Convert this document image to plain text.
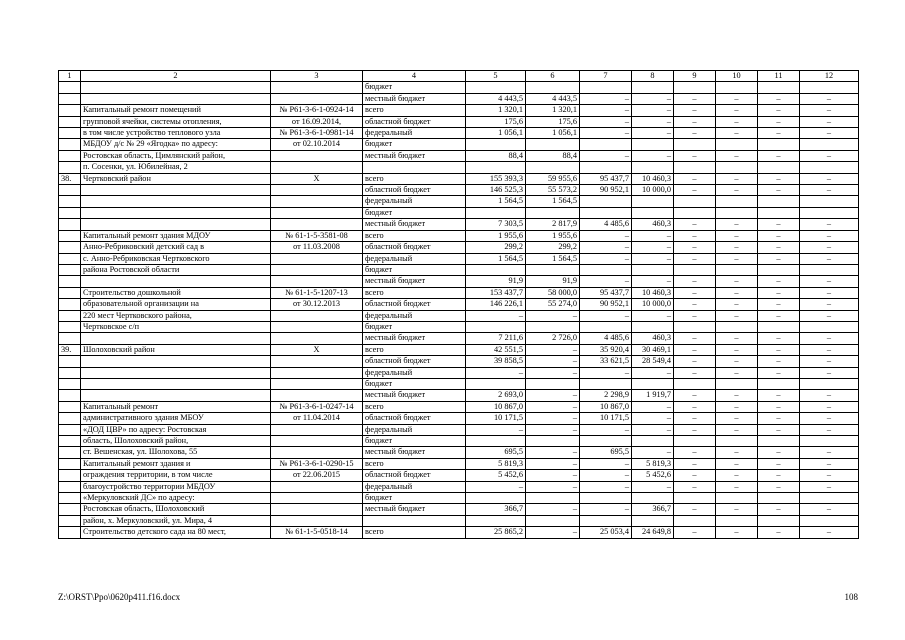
1	2	3	4	5	6	7	8	9	10	11	12
			бюджет								
			местный бюджет	4 443,5	4 443,5	–	–	–	–	–	–
	Капитальный ремонт помещений	№ Р61-3-6-1-0924-14	всего	1 320,1	1 320,1	–	–	–	–	–	–
	групповой ячейки, системы отопления,	от 16.09.2014,	областной бюджет	175,6	175,6	–	–	–	–	–	–
	в том числе устройство теплового узла	№ Р61-3-6-1-0981-14	федеральный	1 056,1	1 056,1	–	–	–	–	–	–
	МБДОУ д/с № 29 «Ягодка» по адресу:	от 02.10.2014	бюджет								
	Ростовская область, Цимлянский район,		местный бюджет	88,4	88,4	–	–	–	–	–	–
	п. Сосенки, ул. Юбилейная, 2										
38.	Чертковский район	Х	всего	155 393,3	59 955,6	95 437,7	10 460,3	–	–	–	–
			областной бюджет	146 525,3	55 573,2	90 952,1	10 000,0	–	–	–	–
			федеральный	1 564,5	1 564,5						
			бюджет								
			местный бюджет	7 303,5	2 817,9	4 485,6	460,3	–	–	–	–
	Капитальный ремонт здания МДОУ	№ 61-1-5-3581-08	всего	1 955,6	1 955,6	–	–	–	–	–	–
	Анно-Ребриковский детский сад в	от 11.03.2008	областной бюджет	299,2	299,2	–	–	–	–	–	–
	с. Анно-Ребриковская Чертковского		федеральный	1 564,5	1 564,5	–	–	–	–	–	–
	района Ростовской области		бюджет								
			местный бюджет	91,9	91,9	–	–	–	–	–	–
	Строительство дошкольной	№ 61-1-5-1207-13	всего	153 437,7	58 000,0	95 437,7	10 460,3	–	–	–	–
	образовательной организации на	от 30.12.2013	областной бюджет	146 226,1	55 274,0	90 952,1	10 000,0	–	–	–	–
	220 мест Чертковского района,		федеральный	–	–	–	–	–	–	–	–
	Чертковское с/п		бюджет								
			местный бюджет	7 211,6	2 726,0	4 485,6	460,3	–	–	–	–
39.	Шолоховский район	Х	всего	42 551,5	–	35 920,4	30 469,1	–	–	–	–
			областной бюджет	39 858,5	–	33 621,5	28 549,4	–	–	–	–
			федеральный	–	–	–	–	–	–	–	–
			бюджет								
			местный бюджет	2 693,0	–	2 298,9	1 919,7	–	–	–	–
	Капитальный ремонт	№ Р61-3-6-1-0247-14	всего	10 867,0	–	10 867,0	–	–	–	–	–
	административного здания МБОУ	от 11.04.2014	областной бюджет	10 171,5	–	10 171,5	–	–	–	–	–
	«ДОД ЦВР» по адресу: Ростовская		федеральный	–	–	–	–	–	–	–	–
	область, Шолоховский район,		бюджет								
	ст. Вешенская, ул. Шолохова, 55		местный бюджет	695,5	–	695,5	–	–	–	–	–
	Капитальный ремонт здания и	№ Р61-3-6-1-0290-15	всего	5 819,3	–	–	5 819,3	–	–	–	–
	ограждения территории, в том числе	от 22.06.2015	областной бюджет	5 452,6	–	–	5 452,6	–	–	–	–
	благоустройство территории МБДОУ		федеральный	–	–	–	–	–	–	–	–
	«Меркуловский ДС» по адресу:		бюджет								
	Ростовская область, Шолоховский		местный бюджет	366,7	–	–	366,7	–	–	–	–
	район, х. Меркуловский, ул. Мира, 4										
	Строительство детского сада на 80 мест,	№ 61-1-5-0518-14	всего	25 865,2	–	25 053,4	24 649,8	–	–	–	–
Z:\ORST\Ppo\0620p411.f16.docx	108
